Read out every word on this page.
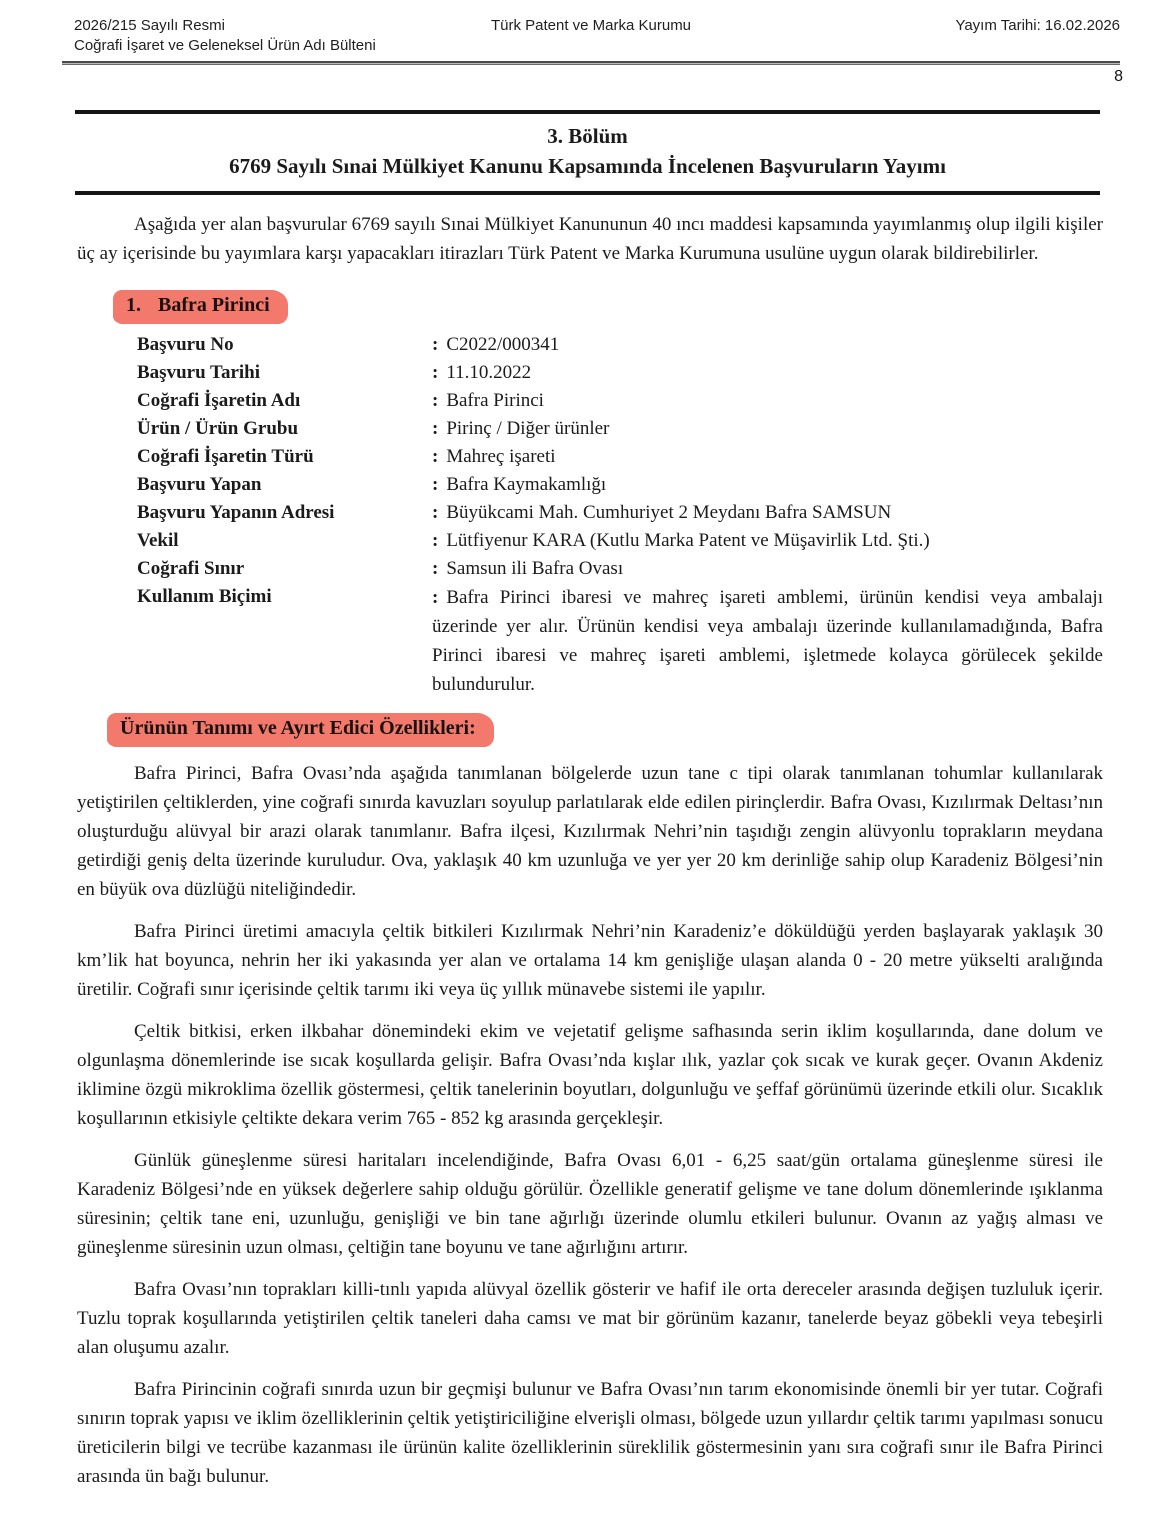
2026/215 Sayılı Resmi
Coğrafi İşaret ve Geleneksel Ürün Adı Bülteni
Türk Patent ve Marka Kurumu	Yayım Tarihi: 16.02.2026
8
3. Bölüm
6769 Sayılı Sınai Mülkiyet Kanunu Kapsamında İncelenen Başvuruların Yayımı

Aşağıda yer alan başvurular 6769 sayılı Sınai Mülkiyet Kanununun 40 ıncı maddesi kapsamında yayımlanmış olup ilgili kişiler üç ay içerisinde bu yayımlara karşı yapacakları itirazları Türk Patent ve Marka Kurumuna usulüne uygun olarak bildirebilirler.

1. Bafra Pirinci
Başvuru No	: C2022/000341
Başvuru Tarihi	: 11.10.2022
Coğrafi İşaretin Adı	: Bafra Pirinci
Ürün / Ürün Grubu	: Pirinç / Diğer ürünler
Coğrafi İşaretin Türü	: Mahreç işareti
Başvuru Yapan	: Bafra Kaymakamlığı
Başvuru Yapanın Adresi	: Büyükcami Mah. Cumhuriyet 2 Meydanı Bafra SAMSUN
Vekil	: Lütfiyenur KARA (Kutlu Marka Patent ve Müşavirlik Ltd. Şti.)
Coğrafi Sınır	: Samsun ili Bafra Ovası
Kullanım Biçimi	: Bafra Pirinci ibaresi ve mahreç işareti amblemi, ürünün kendisi veya ambalajı üzerinde yer alır. Ürünün kendisi veya ambalajı üzerinde kullanılamadığında, Bafra Pirinci ibaresi ve mahreç işareti amblemi, işletmede kolayca görülecek şekilde bulundurulur.
Ürünün Tanımı ve Ayırt Edici Özellikleri:

Bafra Pirinci, Bafra Ovası’nda aşağıda tanımlanan bölgelerde uzun tane c tipi olarak tanımlanan tohumlar kullanılarak yetiştirilen çeltiklerden, yine coğrafi sınırda kavuzları soyulup parlatılarak elde edilen pirinçlerdir. Bafra Ovası, Kızılırmak Deltası’nın oluşturduğu alüvyal bir arazi olarak tanımlanır. Bafra ilçesi, Kızılırmak Nehri’nin taşıdığı zengin alüvyonlu toprakların meydana getirdiği geniş delta üzerinde kuruludur. Ova, yaklaşık 40 km uzunluğa ve yer yer 20 km derinliğe sahip olup Karadeniz Bölgesi’nin en büyük ova düzlüğü niteliğindedir.

Bafra Pirinci üretimi amacıyla çeltik bitkileri Kızılırmak Nehri’nin Karadeniz’e döküldüğü yerden başlayarak yaklaşık 30 km’lik hat boyunca, nehrin her iki yakasında yer alan ve ortalama 14 km genişliğe ulaşan alanda 0 - 20 metre yükselti aralığında üretilir. Coğrafi sınır içerisinde çeltik tarımı iki veya üç yıllık münavebe sistemi ile yapılır.

Çeltik bitkisi, erken ilkbahar dönemindeki ekim ve vejetatif gelişme safhasında serin iklim koşullarında, dane dolum ve olgunlaşma dönemlerinde ise sıcak koşullarda gelişir. Bafra Ovası’nda kışlar ılık, yazlar çok sıcak ve kurak geçer. Ovanın Akdeniz iklimine özgü mikroklima özellik göstermesi, çeltik tanelerinin boyutları, dolgunluğu ve şeffaf görünümü üzerinde etkili olur. Sıcaklık koşullarının etkisiyle çeltikte dekara verim 765 - 852 kg arasında gerçekleşir.

Günlük güneşlenme süresi haritaları incelendiğinde, Bafra Ovası 6,01 - 6,25 saat/gün ortalama güneşlenme süresi ile Karadeniz Bölgesi’nde en yüksek değerlere sahip olduğu görülür. Özellikle generatif gelişme ve tane dolum dönemlerinde ışıklanma süresinin; çeltik tane eni, uzunluğu, genişliği ve bin tane ağırlığı üzerinde olumlu etkileri bulunur. Ovanın az yağış alması ve güneşlenme süresinin uzun olması, çeltiğin tane boyunu ve tane ağırlığını artırır.

Bafra Ovası’nın toprakları killi-tınlı yapıda alüvyal özellik gösterir ve hafif ile orta dereceler arasında değişen tuzluluk içerir. Tuzlu toprak koşullarında yetiştirilen çeltik taneleri daha camsı ve mat bir görünüm kazanır, tanelerde beyaz göbekli veya tebeşirli alan oluşumu azalır.

Bafra Pirincinin coğrafi sınırda uzun bir geçmişi bulunur ve Bafra Ovası’nın tarım ekonomisinde önemli bir yer tutar. Coğrafi sınırın toprak yapısı ve iklim özelliklerinin çeltik yetiştiriciliğine elverişli olması, bölgede uzun yıllardır çeltik tarımı yapılması sonucu üreticilerin bilgi ve tecrübe kazanması ile ürünün kalite özelliklerinin süreklilik göstermesinin yanı sıra coğrafi sınır ile Bafra Pirinci arasında ün bağı bulunur.
